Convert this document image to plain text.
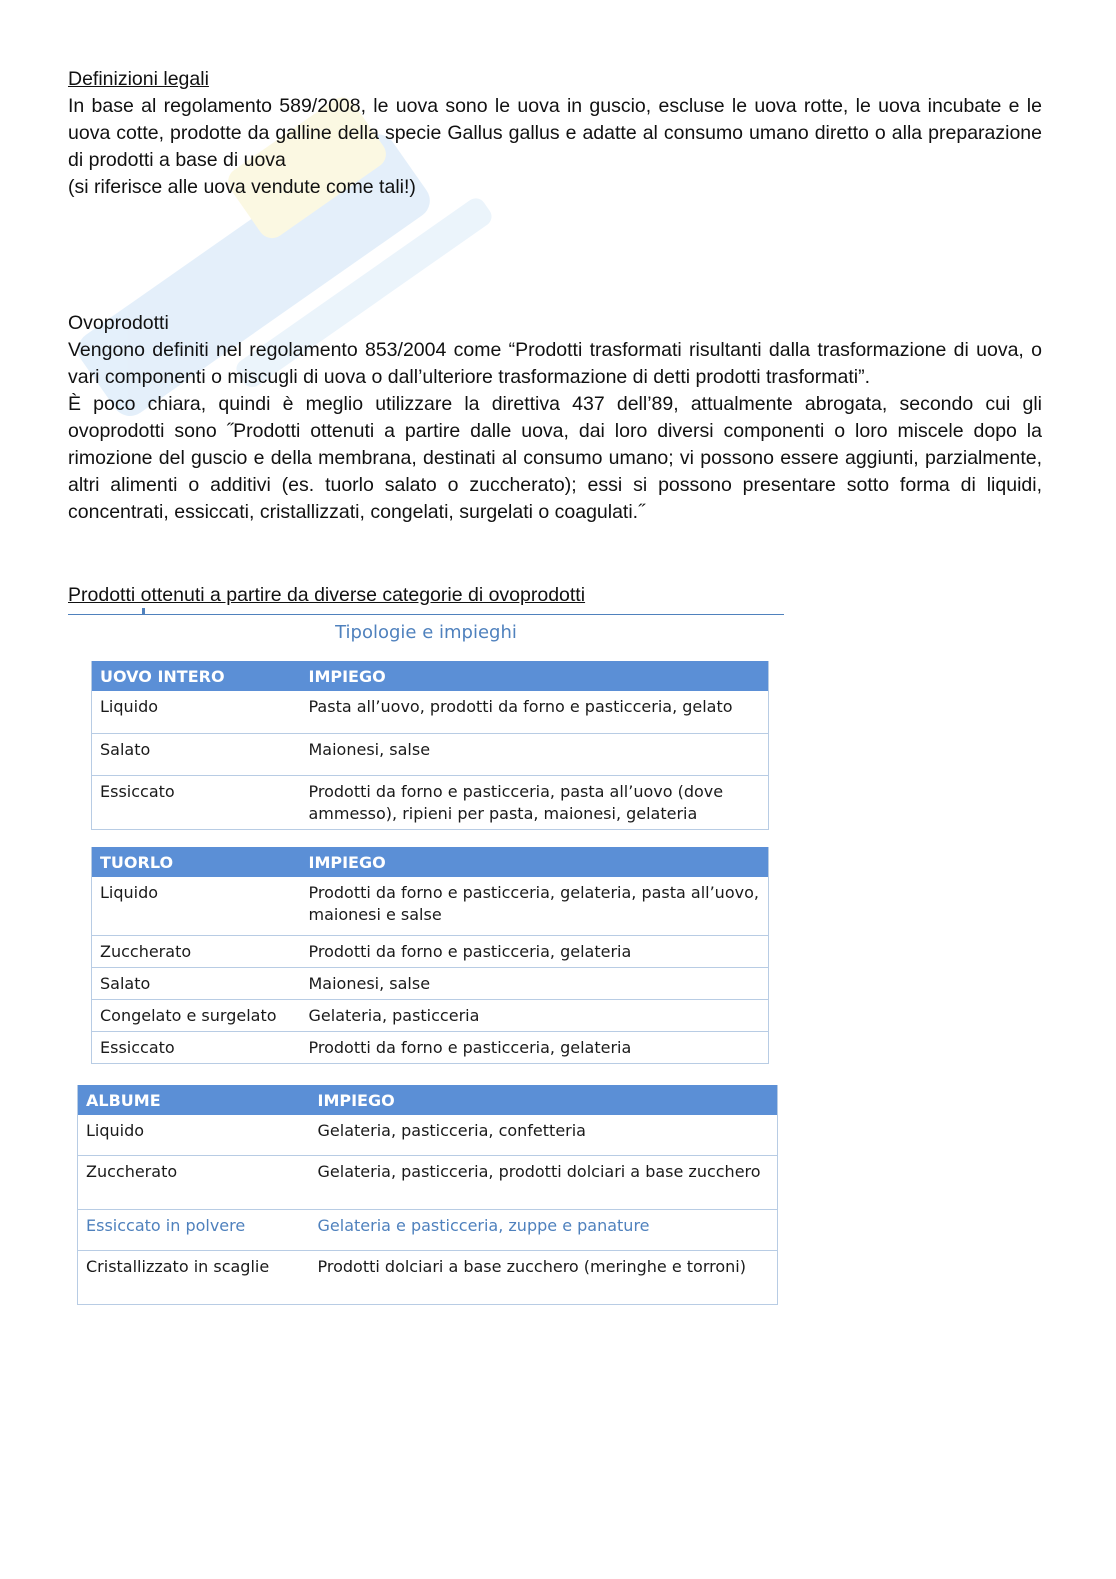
Definizioni legali
In base al regolamento 589/2008, le uova sono le uova in guscio, escluse le uova rotte, le uova incubate e le uova cotte, prodotte da galline della specie Gallus gallus e adatte al consumo umano diretto o alla preparazione di prodotti a base di uova
(si riferisce alle uova vendute come tali!)
Ovoprodotti
Vengono definiti nel regolamento 853/2004 come “Prodotti trasformati risultanti dalla trasformazione di uova, o vari componenti o miscugli di uova o dall’ulteriore trasformazione di detti prodotti trasformati”.
È poco chiara, quindi è meglio utilizzare la direttiva 437 dell’89, attualmente abrogata, secondo cui gli ovoprodotti sono ˝Prodotti ottenuti a partire dalle uova, dai loro diversi componenti o loro miscele dopo la rimozione del guscio e della membrana, destinati al consumo umano; vi possono essere aggiunti, parzialmente, altri alimenti o additivi (es. tuorlo salato o zuccherato); essi si possono presentare sotto forma di liquidi, concentrati, essiccati, cristallizzati, congelati, surgelati o coagulati.˝
Prodotti ottenuti a partire da diverse categorie di ovoprodotti
Tipologie e impieghi
UOVO INTERO	IMPIEGO
Liquido	Pasta all’uovo, prodotti da forno e pasticceria, gelato
Salato	Maionesi, salse
Essiccato	Prodotti da forno e pasticceria, pasta all’uovo (dove ammesso), ripieni per pasta, maionesi, gelateria
TUORLO	IMPIEGO
Liquido	Prodotti da forno e pasticceria, gelateria, pasta all’uovo, maionesi e salse
Zuccherato	Prodotti da forno e pasticceria, gelateria
Salato	Maionesi, salse
Congelato e surgelato	Gelateria, pasticceria
Essiccato	Prodotti da forno e pasticceria, gelateria
ALBUME	IMPIEGO
Liquido	Gelateria, pasticceria, confetteria
Zuccherato	Gelateria, pasticceria, prodotti dolciari a base zucchero
Essiccato in polvere	Gelateria e pasticceria, zuppe e panature
Cristallizzato in scaglie	Prodotti dolciari a base zucchero (meringhe e torroni)
